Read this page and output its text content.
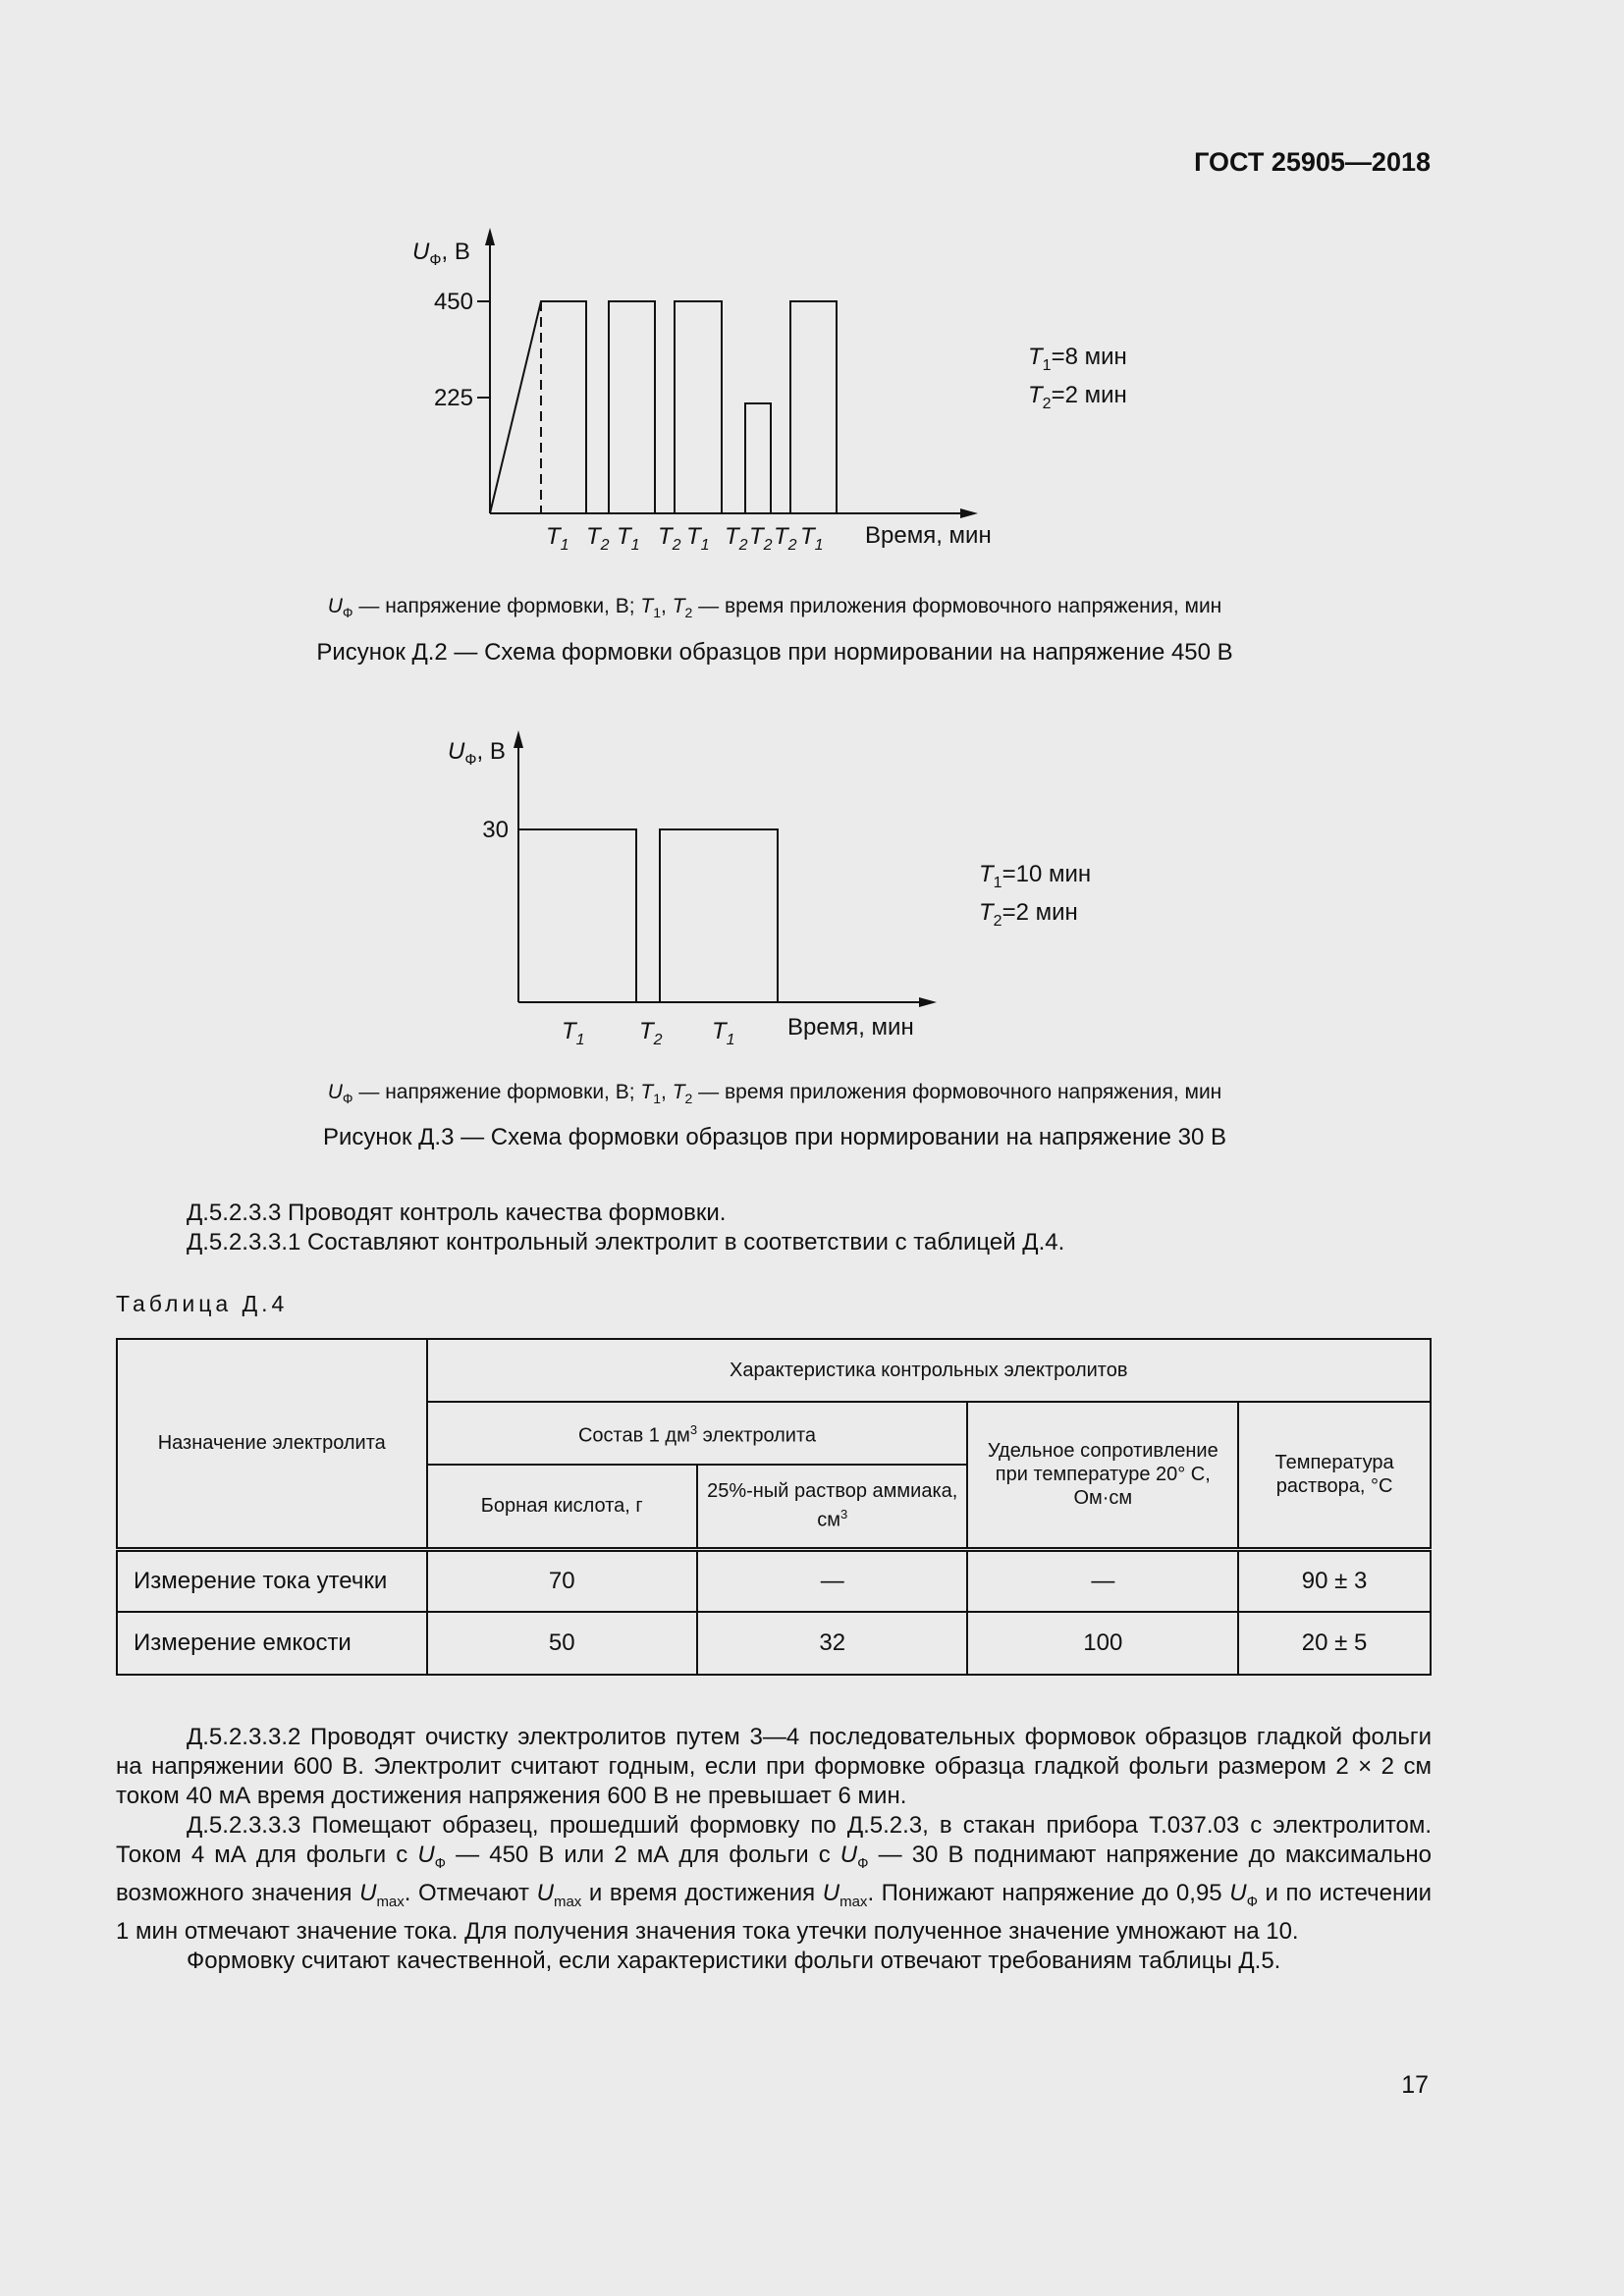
ГОСТ 25905—2018
$U_Ф$, В
450
225
Время, мин
$T_1$ $T_2$ $T_1$ $T_2$ $T_1$ $T_2$ $T_2$ $T_2$ $T_1$
$T_1=8$ мин
$T_2=2$ мин
$U_Ф$ — напряжение формовки, В; $T_1$, $T_2$ — время приложения формовочного напряжения, мин
Рисунок Д.2 — Схема формовки образцов при нормировании на напряжение 450 В
$U_Ф$, В
30
Время, мин
$T_1$ $T_2$ $T_1$
$T_1=10$ мин
$T_2=2$ мин
$U_Ф$ — напряжение формовки, В; $T_1$, $T_2$ — время приложения формовочного напряжения, мин
Рисунок Д.3 — Схема формовки образцов при нормировании на напряжение 30 В

Д.5.2.3.3 Проводят контроль качества формовки.

Д.5.2.3.3.1 Составляют контрольный электролит в соответствии с таблицей Д.4.

Таблица Д.4
Назначение электролита	Характеристика контрольных электролитов			
	Состав 1 $дм^3$ электролита		Удельное сопротивление при температуре 20° С, Ом·см	Температура раствора, °С
	Борная кислота, г	25%-ный раствор аммиака, $см^3$
Измерение тока утечки	70	—	—	90 ± 3
Измерение емкости	50	32	100	20 ± 5

Д.5.2.3.3.2 Проводят очистку электролитов путем 3—4 последовательных формовок образцов гладкой фольги на напряжении 600 В. Электролит считают годным, если при формовке образца гладкой фольги размером 2 × 2 см током 40 мА время достижения напряжения 600 В не превышает 6 мин.

Д.5.2.3.3.3 Помещают образец, прошедший формовку по Д.5.2.3, в стакан прибора Т.037.03 с электролитом. Током 4 мА для фольги с $U_Ф$ — 450 В или 2 мА для фольги с $U_Ф$ — 30 В поднимают напряжение до максимально возможного значения $U_{max}$. Отмечают $U_{max}$ и время достижения $U_{max}$. Понижают напряжение до 0,95 $U_Ф$ и по истечении 1 мин отмечают значение тока. Для получения значения тока утечки полученное значение умножают на 10.

Формовку считают качественной, если характеристики фольги отвечают требованиям таблицы Д.5.

17
